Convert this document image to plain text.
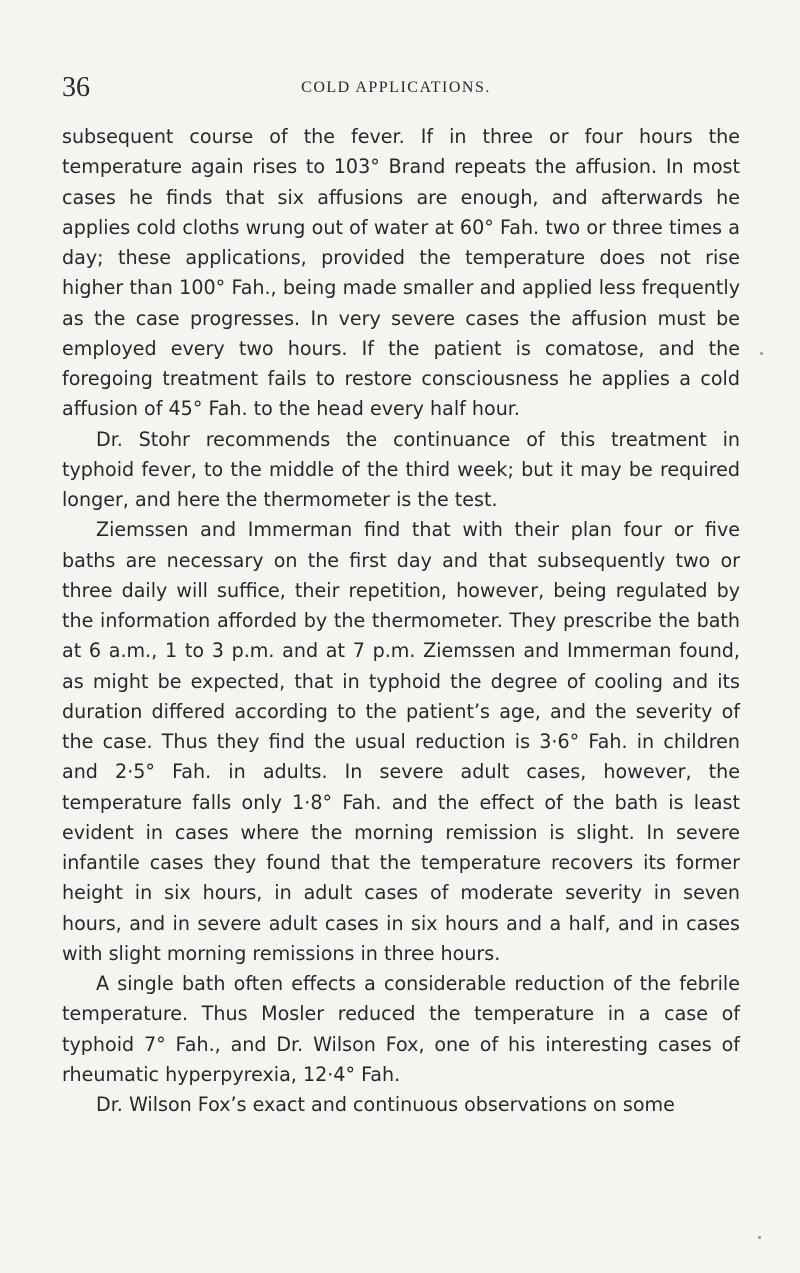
36	COLD APPLICATIONS.

subsequent course of the fever. If in three or four hours the temperature again rises to 103° Brand repeats the affusion. In most cases he finds that six affusions are enough, and afterwards he applies cold cloths wrung out of water at 60° Fah. two or three times a day; these applications, provided the temperature does not rise higher than 100° Fah., being made smaller and applied less frequently as the case progresses. In very severe cases the affusion must be employed every two hours. If the patient is comatose, and the foregoing treatment fails to restore consciousness he applies a cold affusion of 45° Fah. to the head every half hour.

Dr. Stohr recommends the continuance of this treatment in typhoid fever, to the middle of the third week; but it may be required longer, and here the thermometer is the test.

Ziemssen and Immerman find that with their plan four or five baths are necessary on the first day and that subsequently two or three daily will suffice, their repetition, however, being regulated by the information afforded by the thermometer. They prescribe the bath at 6 a.m., 1 to 3 p.m. and at 7 p.m. Ziemssen and Immerman found, as might be expected, that in typhoid the degree of cooling and its duration differed according to the patient’s age, and the severity of the case. Thus they find the usual reduction is 3·6° Fah. in children and 2·5° Fah. in adults. In severe adult cases, however, the temperature falls only 1·8° Fah. and the effect of the bath is least evident in cases where the morning remission is slight. In severe infantile cases they found that the temperature recovers its former height in six hours, in adult cases of moderate severity in seven hours, and in severe adult cases in six hours and a half, and in cases with slight morning remissions in three hours.

A single bath often effects a considerable reduction of the febrile temperature. Thus Mosler reduced the temperature in a case of typhoid 7° Fah., and Dr. Wilson Fox, one of his interesting cases of rheumatic hyperpyrexia, 12·4° Fah.

Dr. Wilson Fox’s exact and continuous observations on some
